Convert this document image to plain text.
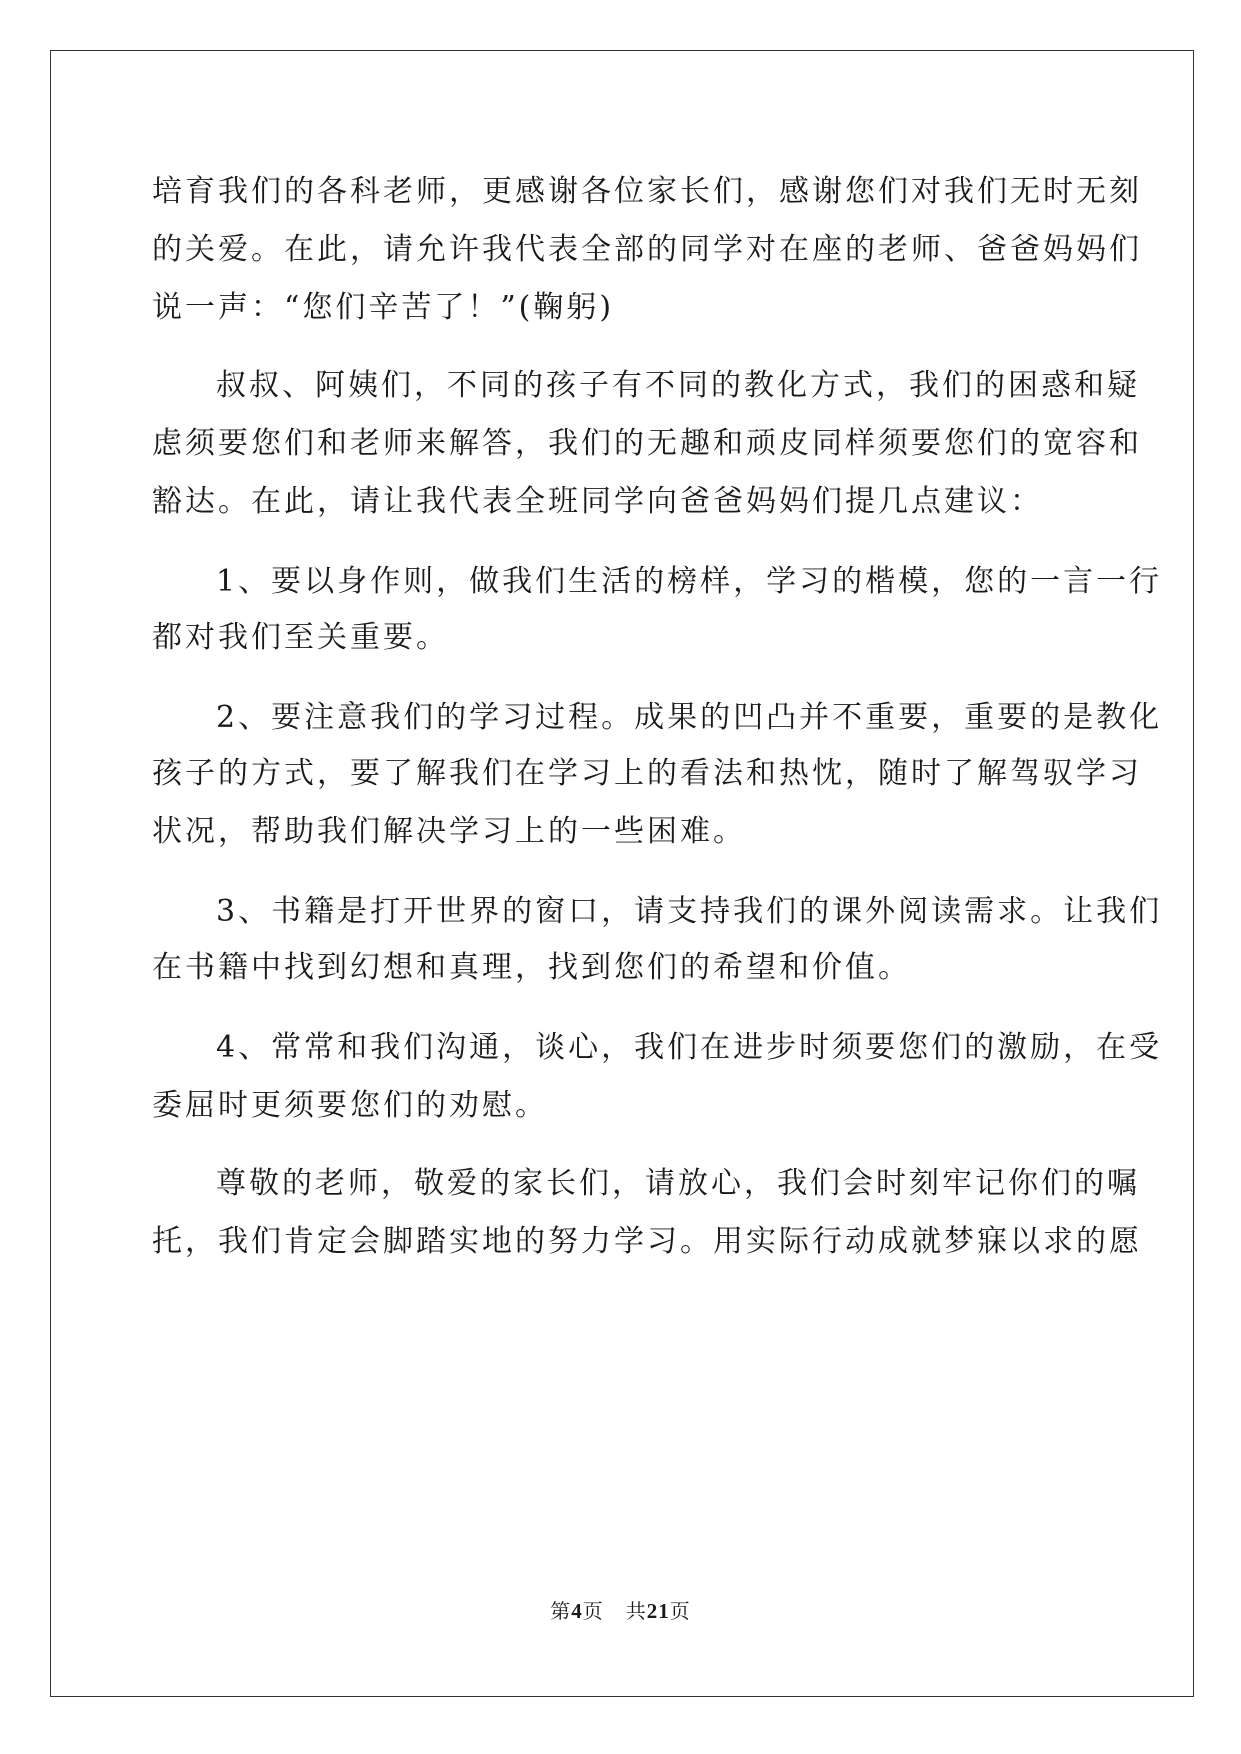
培育我们的各科老师，更感谢各位家长们，感谢您们对我们无时无刻
的关爱。在此，请允许我代表全部的同学对在座的老师、爸爸妈妈们
说一声：“您们辛苦了！”(鞠躬)
叔叔、阿姨们，不同的孩子有不同的教化方式，我们的困惑和疑
虑须要您们和老师来解答，我们的无趣和顽皮同样须要您们的宽容和
豁达。在此，请让我代表全班同学向爸爸妈妈们提几点建议：
1、要以身作则，做我们生活的榜样，学习的楷模，您的一言一行
都对我们至关重要。
2、要注意我们的学习过程。成果的凹凸并不重要，重要的是教化
孩子的方式，要了解我们在学习上的看法和热忱，随时了解驾驭学习
状况，帮助我们解决学习上的一些困难。
3、书籍是打开世界的窗口，请支持我们的课外阅读需求。让我们
在书籍中找到幻想和真理，找到您们的希望和价值。
4、常常和我们沟通，谈心，我们在进步时须要您们的激励，在受
委屈时更须要您们的劝慰。
尊敬的老师，敬爱的家长们，请放心，我们会时刻牢记你们的嘱
托，我们肯定会脚踏实地的努力学习。用实际行动成就梦寐以求的愿
第4页 共21页
